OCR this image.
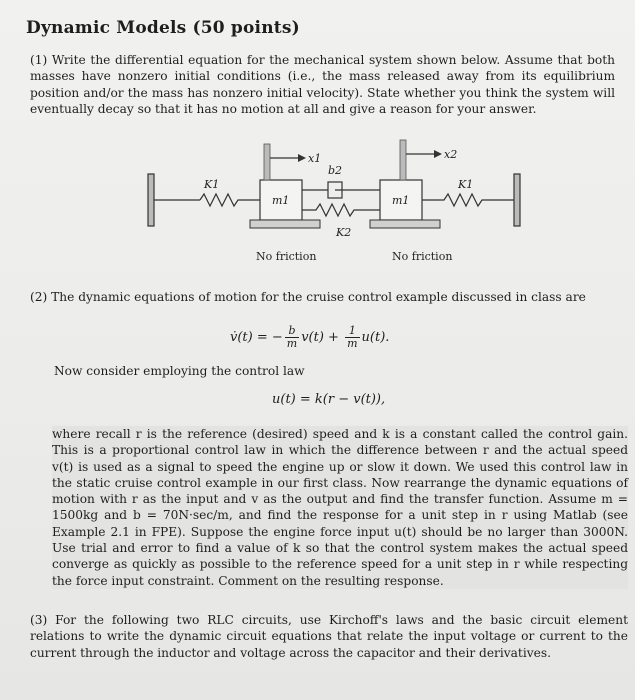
Dynamic Models (50 points)

(1) Write the differential equation for the mechanical system shown below. Assume that both masses have nonzero initial conditions (i.e., the mass released away from its equilibrium position and/or the mass has nonzero initial velocity). State whether you think the system will eventually decay so that it has no motion at all and give a reason for your answer.

K1
m1
x1
b2
K2
m1
x2
K1
No friction	No friction

(2) The dynamic equations of motion for the cruise control example discussed in class are

v̇(t) = − $\frac{b}{m} v(t) + \frac{1}{m} u(t)$.

Now consider employing the control law

u(t) = k(r − v(t)),

where recall r is the reference (desired) speed and k is a constant called the control gain. This is a proportional control law in which the difference between r and the actual speed v(t) is used as a signal to speed the engine up or slow it down. We used this control law in the static cruise control example in our first class. Now rearrange the dynamic equations of motion with r as the input and v as the output and find the transfer function. Assume m = 1500kg and b = 70N·sec/m, and find the response for a unit step in r using Matlab (see Example 2.1 in FPE). Suppose the engine force input u(t) should be no larger than 3000N. Use trial and error to find a value of k so that the control system makes the actual speed converge as quickly as possible to the reference speed for a unit step in r while respecting the force input constraint. Comment on the resulting response.

(3) For the following two RLC circuits, use Kirchoff's laws and the basic circuit element relations to write the dynamic circuit equations that relate the input voltage or current to the current through the inductor and voltage across the capacitor and their derivatives.
